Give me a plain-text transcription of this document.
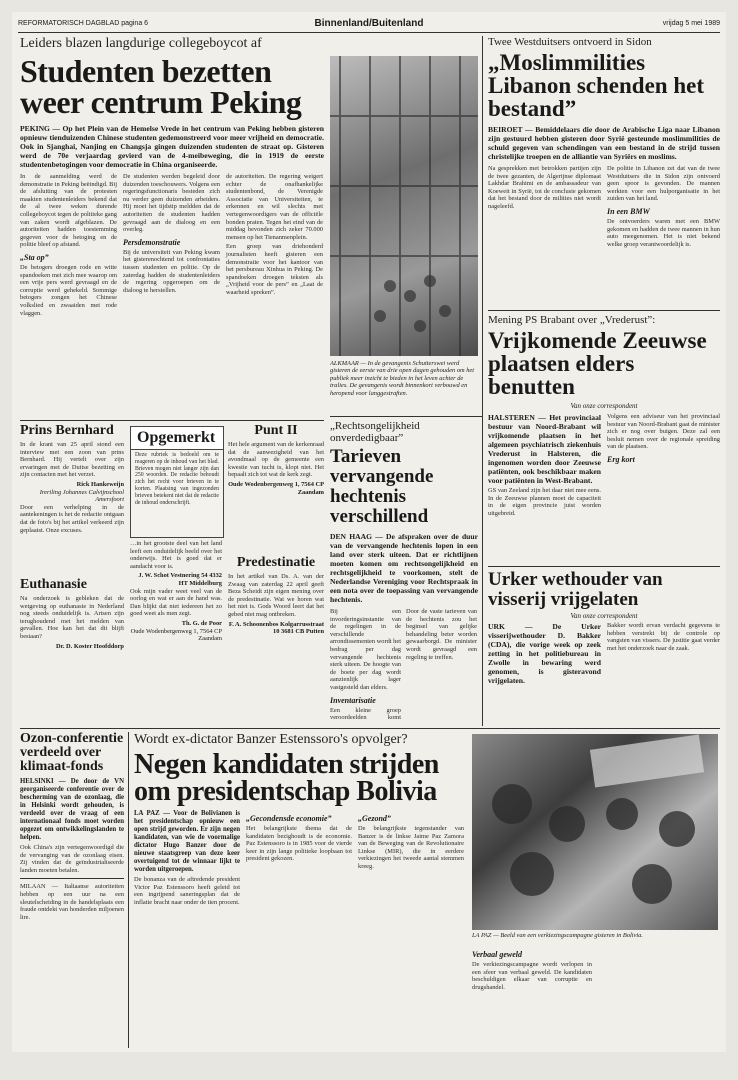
REFORMATORISCH DAGBLAD pagina 6	Binnenland/Buitenland	vrijdag 5 mei 1989
Leiders blazen langdurige collegeboycot af
Studenten bezetten weer centrum Peking
PEKING — Op het Plein van de Hemelse Vrede in het centrum van Peking hebben gisteren opnieuw tienduizenden Chinese studenten gedemonstreerd voor meer vrijheid en democratie. Ook in Sjanghai, Nanjing en Changsja gingen duizenden studenten de straat op. Gisteren werd de 70e verjaardag gevierd van de 4-meibeweging, die in 1919 de eerste studentenbetogingen voor democratie in China organiseerde.

In de aanmelding werd de demonstratie in Peking beëindigd. Bij de afsluiting van de protesten maakten studentenleiders bekend dat de al twee weken durende collegeboycot tegen de politieke gang van zaken wordt afgeblazen. De autoriteiten hadden toestemming gegeven voor de betoging en de politie bleef op afstand.

„Sta op”

De betogers droegen rode en witte spandoeken met zich mee waarop om een vrije pers werd gevraagd en de corruptie werd gehekeld. Sommige betogers zongen het Chinese volkslied en zwaaiden met rode vlaggen.

De studenten werden begeleid door duizenden toeschouwers. Volgens een regeringsfunctionaris besteden zich nu verder geen duizenden arbeiders. Hij moet het tijdstip meldden dat de autoriteiten de studenten hadden gevraagd aan de dialoog en een overleg.

Persdemonstratie

Bij de universiteit van Peking kwam het gisterenochtend tot confrontaties tussen studenten en politie. Op de zaterdag hadden de studentenleiders de regering opgeroepen om de dialoog te herstellen.

de autoriteiten. De regering weigert echter de onafhankelijke studentenbond, de Verenigde Associatie van Universiteiten, te erkennen en wil slechts met vertegenwoordigers van de officiële bonden praten. Tegen het eind van de middag bevonden zich zeker 70.000 mensen op het Tienanmenplein.

Een groep van driehonderd journalisten heeft gisteren een demonstratie voor het kantoor van het persbureau Xinhua in Peking. De spandoeken droegen teksten als „Vrijheid voor de pers” en „Laat de waarheid spreken”.

ALKMAAR — In de gevangenis Schutterswei werd gisteren de eerste van drie open dagen gehouden om het publiek meer inzicht te bieden in het leven achter de tralies. De gevangenis wordt binnenkort verbouwd en heropend voor langgestraften.
Twee Westduitsers ontvoerd in Sidon
„Moslimmilities Libanon schenden het bestand”
BEIROET — Bemiddelaars die door de Arabische Liga naar Libanon zijn gestuurd hebben gisteren door Syrië gesteunde moslimmilities de schuld gegeven van schendingen van een bestand in de strijd tussen christelijke troepen en de alliantie van Syriërs en moslims.

Na gesprekken met betrokken partijen zijn de twee gezanten, de Algerijnse diplomaat Lakhdar Brahimi en de ambassadeur van Koeweit in Syrië, tot de conclusie gekomen dat het bestand door de milities niet wordt nageleefd.

De politie in Libanon zei dat van de twee Westduitsers die in Sidon zijn ontvoerd geen spoor is gevonden. De mannen werkten voor een hulporganisatie in het zuiden van het land.

In een BMW

De ontvoerders waren met een BMW gekomen en hadden de twee mannen in hun auto meegenomen. Het is niet bekend welke groep verantwoordelijk is.

Mening PS Brabant over „Vrederust”:
Vrijkomende Zeeuwse plaatsen elders benutten
Van onze correspondent

HALSTEREN — Het provinciaal bestuur van Noord-Brabant wil vrijkomende plaatsen in het algemeen psychiatrisch ziekenhuis Vrederust in Halsteren, die ingenomen worden door Zeeuwse patiënten, ook beschikbaar maken voor patiënten in West-Brabant.

GS van Zeeland zijn het daar niet mee eens. In de Zeeuwse plannen moet de capaciteit in de eigen provincie juist worden uitgebreid.

Volgens een adviseur van het provinciaal bestuur van Noord-Brabant gaat de minister zich er nog over buigen. Deze zal een besluit nemen over de regionale spreiding van de plaatsen.

Erg kort
„Rechtsongelijkheid onverdedigbaar”
Tarieven vervangende hechtenis verschillend
DEN HAAG — De afspraken over de duur van de vervangende hechtenis lopen in een land over sterk uiteen. Dat er richtlijnen moeten komen om rechtsongelijkheid en rechtsgelijkheid te voorkomen, stelt de Nederlandse Vereniging voor Rechtspraak in een nota over de toepassing van vervangende hechtenis.

Bij een invorderingsinstantie van de regelingen in de verschillende arrondissementen wordt het bedrag per dag vervangende hechtenis sterk uiteen. De hoogte van de boete per dag wordt aanzienlijk lager vastgesteld dan elders.

Inventarisatie

Een kleine groep veroordeelden komt

Door de vaste tarieven van de hechtenis zou het beginsel van gelijke behandeling beter worden gewaarborgd. De minister wordt gevraagd een regeling te treffen.

Urker wethouder van visserij vrijgelaten
Van onze correspondent

URK — De Urker visserijwethouder D. Bakker (CDA), die vorige week op zeek zetting in het politiebureau in Zwolle in bewaring werd genomen, is gisteravond vrijgelaten.

Bakker wordt ervan verdacht gegevens te hebben verstrekt bij de controle op vangsten van vissers. De justitie gaat verder met het onderzoek naar de zaak.

Prins Bernhard

In de krant van 25 april stond een interview met een zoon van prins Bernhard. Hij vertelt over zijn ervaringen met de Duitse bezetting en zijn contacten met het verzet.

Rick Hankeweijn
Ireriling Johannes Calvijnschool Amersfoort

Door een verhelping in de aantekeningen is het de redactie ontgaan dat de foto's bij het artikel verkeerd zijn geplaatst. Onze excuses.

Euthanasie

Na onderzoek is gebleken dat de wetgeving op euthanasie in Nederland nog steeds onduidelijk is. Artsen zijn terughoudend met het melden van gevallen. Hoe kan het dat dit blijft bestaan?

Dr. D. Koster Hoofddorp
Opgemerkt

Deze rubriek is bedoeld om te reageren op de inhoud van het blad. Brieven mogen niet langer zijn dan 250 woorden. De redactie behoudt zich het recht voor brieven in te korten. Plaatsing van ingezonden brieven betekent niet dat de redactie de inhoud onderschrijft.

…in het grootste deel van het land leeft een onduidelijk beeld over het onderwijs. Het is goed dat er aandacht voor is.

J. W. Schot Vestnering 54 4332 HT Middelburg

Ook mijn vader weet veel van de oorlog en wat er aan de hand was. Dan blijkt dat niet iedereen het zo goed weet als men zegt.

Th. G. de Poor
Oude Wodenbergenweg 1, 7564 CP Zaandam
Punt II

Het hele argument van de kerkenraad dat de aanwezigheid van het avondmaal op de gemeente een kwestie van tucht is, klopt niet. Het bepaalt zich tot wat de kerk zegt.

Oude Wodenbergenweg 1, 7564 CP Zaandam
Predestinatie

In het artikel van Ds. A. van der Zwaag van zaterdag 22 april geeft Beza Scheidt zijn eigen mening over de predestinatie. Wat we horen wat het niet is. Gods Woord leert dat het gebed niet mag ontbreken.

F. A. Schoonenbos Kolgarrusstraat 10 3681 CB Putten
Ozon-conferentie verdeeld over klimaat-fonds

HELSINKI — De door de VN georganiseerde conferentie over de bescherming van de ozonlaag, die in Helsinki wordt gehouden, is verdeeld over de vraag of een internationaal fonds moet worden opgezet om ontwikkelingslanden te helpen.

Ook China's zijn vertegenwoordigd die de vervanging van de ozonlaag eisen. Zij vinden dat de geïndustrialiseerde landen moeten betalen.

MILAAN — Italiaanse autoriteiten hebben op een uur na een sleutelscheiding in de handelsplaats een fraude ontdekt van honderden miljoenen lire.

Wordt ex-dictator Banzer Estenssoro's opvolger?
Negen kandidaten strijden om presidentschap Bolivia

LA PAZ — Voor de Bolivianen is het presidentschap opnieuw een open strijd geworden. Er zijn negen kandidaten, van wie de voormalige dictator Hugo Banzer door de nieuwe staatsgreep van deze keer overtuigend tot de winnaar lijkt te worden uitgeroepen.

De bonanza van de aftredende president Victor Paz Estenssoro heeft geleid tot een ingrijpend saneringsplan dat de inflatie bracht naar onder de tien procent.

„Gecondensde economie”

Het belangrijkste thema dat de kandidaten bezighoudt is de economie. Paz Estenssoro is in 1985 voor de vierde keer in zijn lange politieke loopbaan tot president gekozen.

„Gezond”

De belangrijkste tegenstander van Banzer is de linkse Jaime Paz Zamora van de Beweging van de Revolutionaire Linkse (MIR), die in eerdere verkiezingen het tweede aantal stemmen kreeg.

LA PAZ — Beeld van een verkiezingscampagne gisteren in Bolivia.
Verbaal geweld

De verkiezingscampagne wordt verlopen in een sfeer van verbaal geweld. De kandidaten beschuldigen elkaar van corruptie en drugshandel.
